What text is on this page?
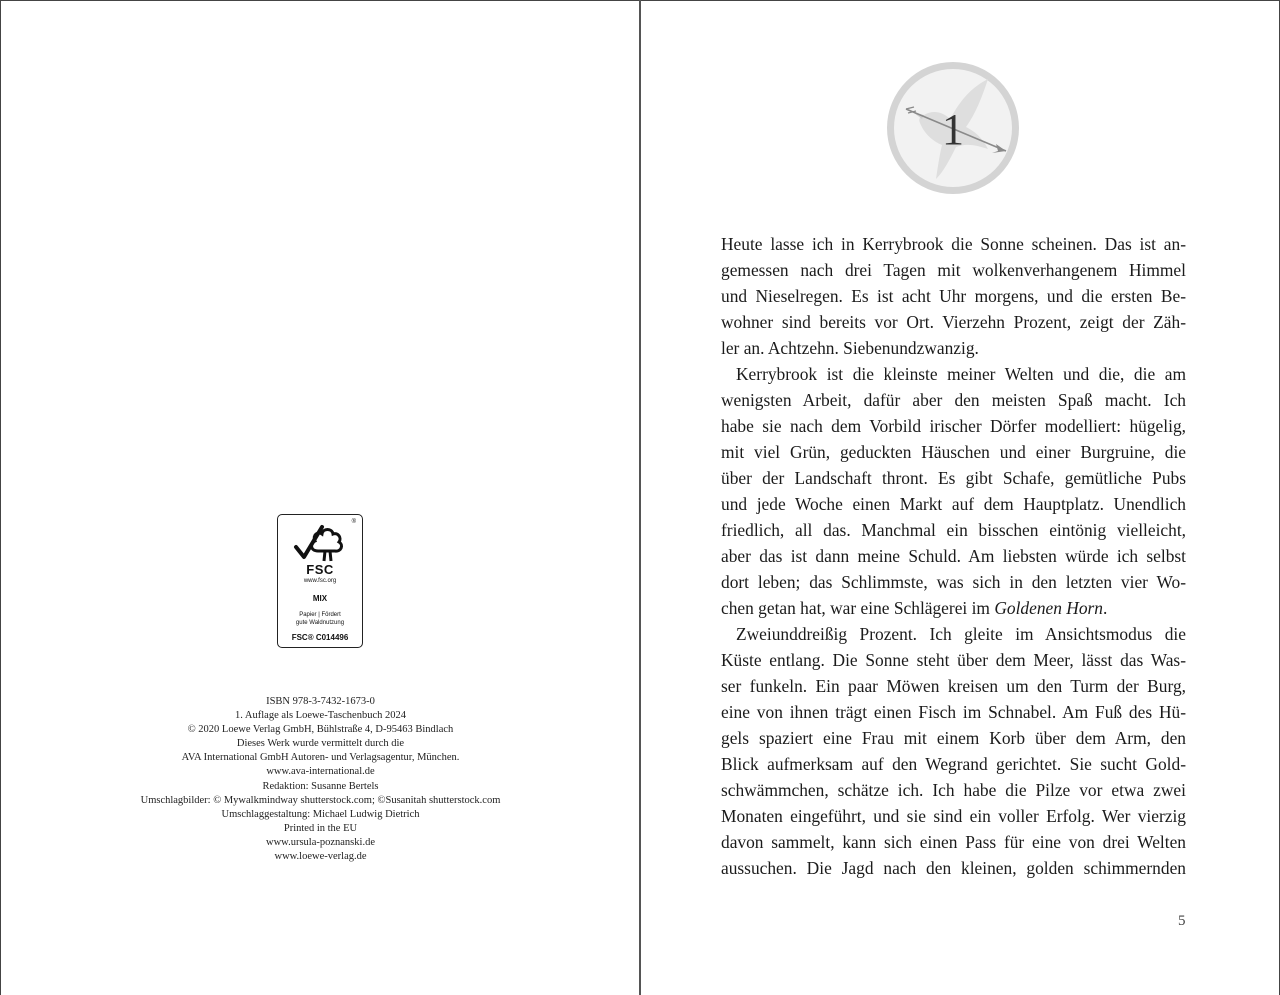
®
FSC
www.fsc.org
MIX
Papier | Fördert
gute Waldnutzung
FSC® C014496
ISBN 978-3-7432-1673-0
1. Auflage als Loewe-Taschenbuch 2024
© 2020 Loewe Verlag GmbH, Bühlstraße 4, D-95463 Bindlach
Dieses Werk wurde vermittelt durch die
AVA International GmbH Autoren- und Verlagsagentur, München.
www.ava-international.de
Redaktion: Susanne Bertels
Umschlagbilder: © Mywalkmindway shutterstock.com; ©Susanitah shutterstock.com
Umschlaggestaltung: Michael Ludwig Dietrich
Printed in the EU
www.ursula-poznanski.de
www.loewe-verlag.de
1
Heute lasse ich in Kerrybrook die Sonne scheinen. Das ist an-
gemessen nach drei Tagen mit wolkenverhangenem Himmel
und Nieselregen. Es ist acht Uhr morgens, und die ersten Be-
wohner sind bereits vor Ort. Vierzehn Prozent, zeigt der Zäh-
ler an. Achtzehn. Siebenundzwanzig.
Kerrybrook ist die kleinste meiner Welten und die, die am
wenigsten Arbeit, dafür aber den meisten Spaß macht. Ich
habe sie nach dem Vorbild irischer Dörfer modelliert: hügelig,
mit viel Grün, geduckten Häuschen und einer Burgruine, die
über der Landschaft thront. Es gibt Schafe, gemütliche Pubs
und jede Woche einen Markt auf dem Hauptplatz. Unendlich
friedlich, all das. Manchmal ein bisschen eintönig vielleicht,
aber das ist dann meine Schuld. Am liebsten würde ich selbst
dort leben; das Schlimmste, was sich in den letzten vier Wo-
chen getan hat, war eine Schlägerei im Goldenen Horn.
Zweiunddreißig Prozent. Ich gleite im Ansichtsmodus die
Küste entlang. Die Sonne steht über dem Meer, lässt das Was-
ser funkeln. Ein paar Möwen kreisen um den Turm der Burg,
eine von ihnen trägt einen Fisch im Schnabel. Am Fuß des Hü-
gels spaziert eine Frau mit einem Korb über dem Arm, den
Blick aufmerksam auf den Wegrand gerichtet. Sie sucht Gold-
schwämmchen, schätze ich. Ich habe die Pilze vor etwa zwei
Monaten eingeführt, und sie sind ein voller Erfolg. Wer vierzig
davon sammelt, kann sich einen Pass für eine von drei Welten
aussuchen. Die Jagd nach den kleinen, golden schimmernden
5
